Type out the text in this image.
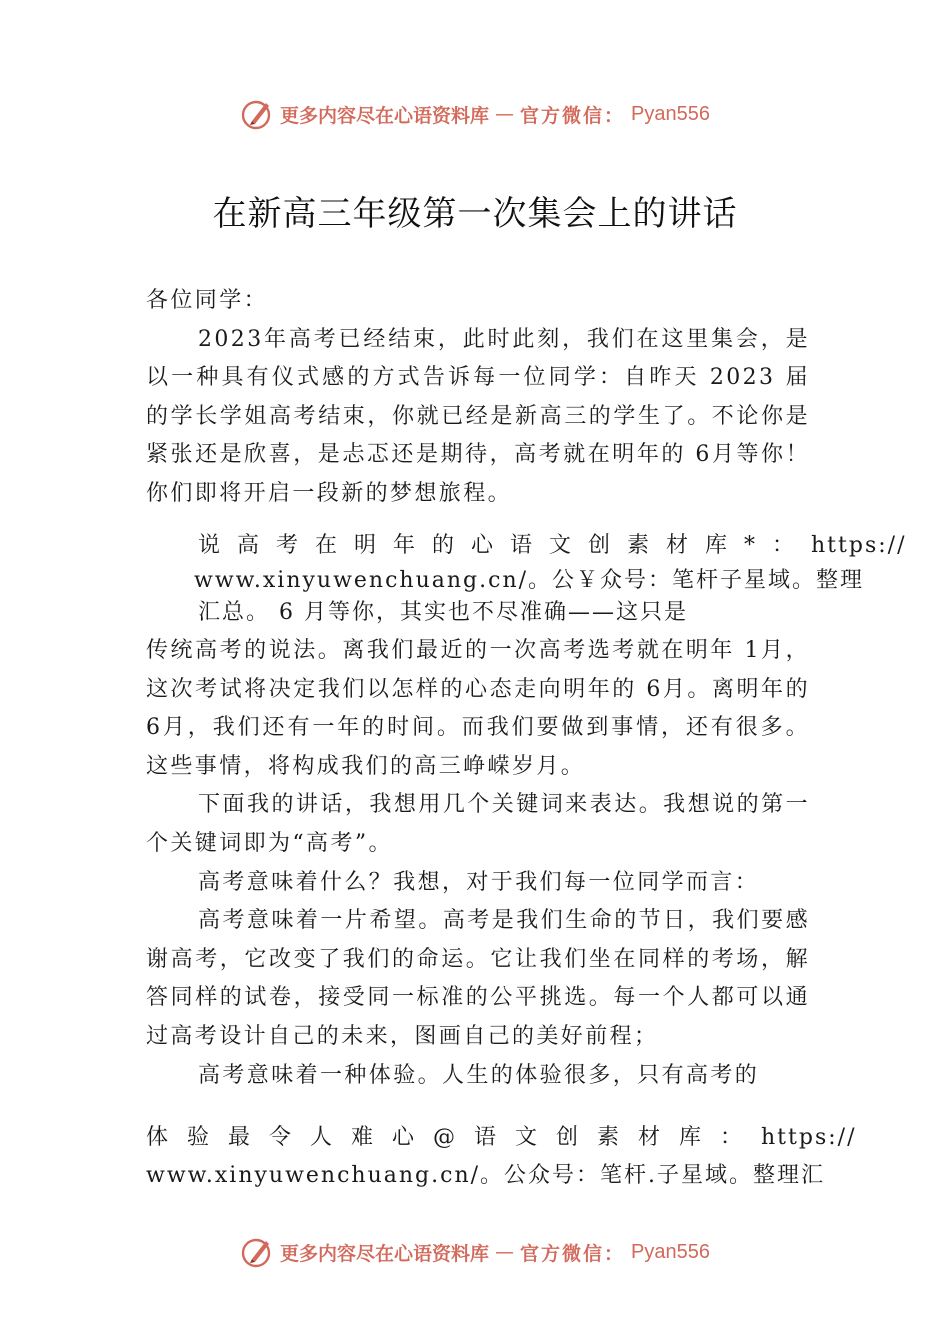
更多内容尽在心语资料库 — 官方微信： Pyan556
在新高三年级第一次集会上的讲话

各位同学：

2023年高考已经结束，此时此刻，我们在这里集会，是以一种具有仪式感的方式告诉每一位同学：自昨天 2023 届的学长学姐高考结束，你就已经是新高三的学生了。不论你是紧张还是欣喜，是忐忑还是期待，高考就在明年的 6月等你！你们即将开启一段新的梦想旅程。

说高考在明年的心语文创素材库*：https://
www.xinyuwenchuang.cn/。公￥众号：笔杆子星域。整理
汇总。 6 月等你，其实也不尽准确——这只是

传统高考的说法。离我们最近的一次高考选考就在明年 1月，这次考试将决定我们以怎样的心态走向明年的 6月。离明年的 6月，我们还有一年的时间。而我们要做到事情，还有很多。这些事情，将构成我们的高三峥嵘岁月。

下面我的讲话，我想用几个关键词来表达。我想说的第一个关键词即为“高考”。

高考意味着什么？我想，对于我们每一位同学而言：

高考意味着一片希望。高考是我们生命的节日，我们要感谢高考，它改变了我们的命运。它让我们坐在同样的考场，解答同样的试卷，接受同一标准的公平挑选。每一个人都可以通过高考设计自己的未来，图画自己的美好前程；

高考意味着一种体验。人生的体验很多，只有高考的

体验最令人难心@语文创素材库：https://
www.xinyuwenchuang.cn/。公众号：笔杆.子星域。整理汇
更多内容尽在心语资料库 — 官方微信： Pyan556
